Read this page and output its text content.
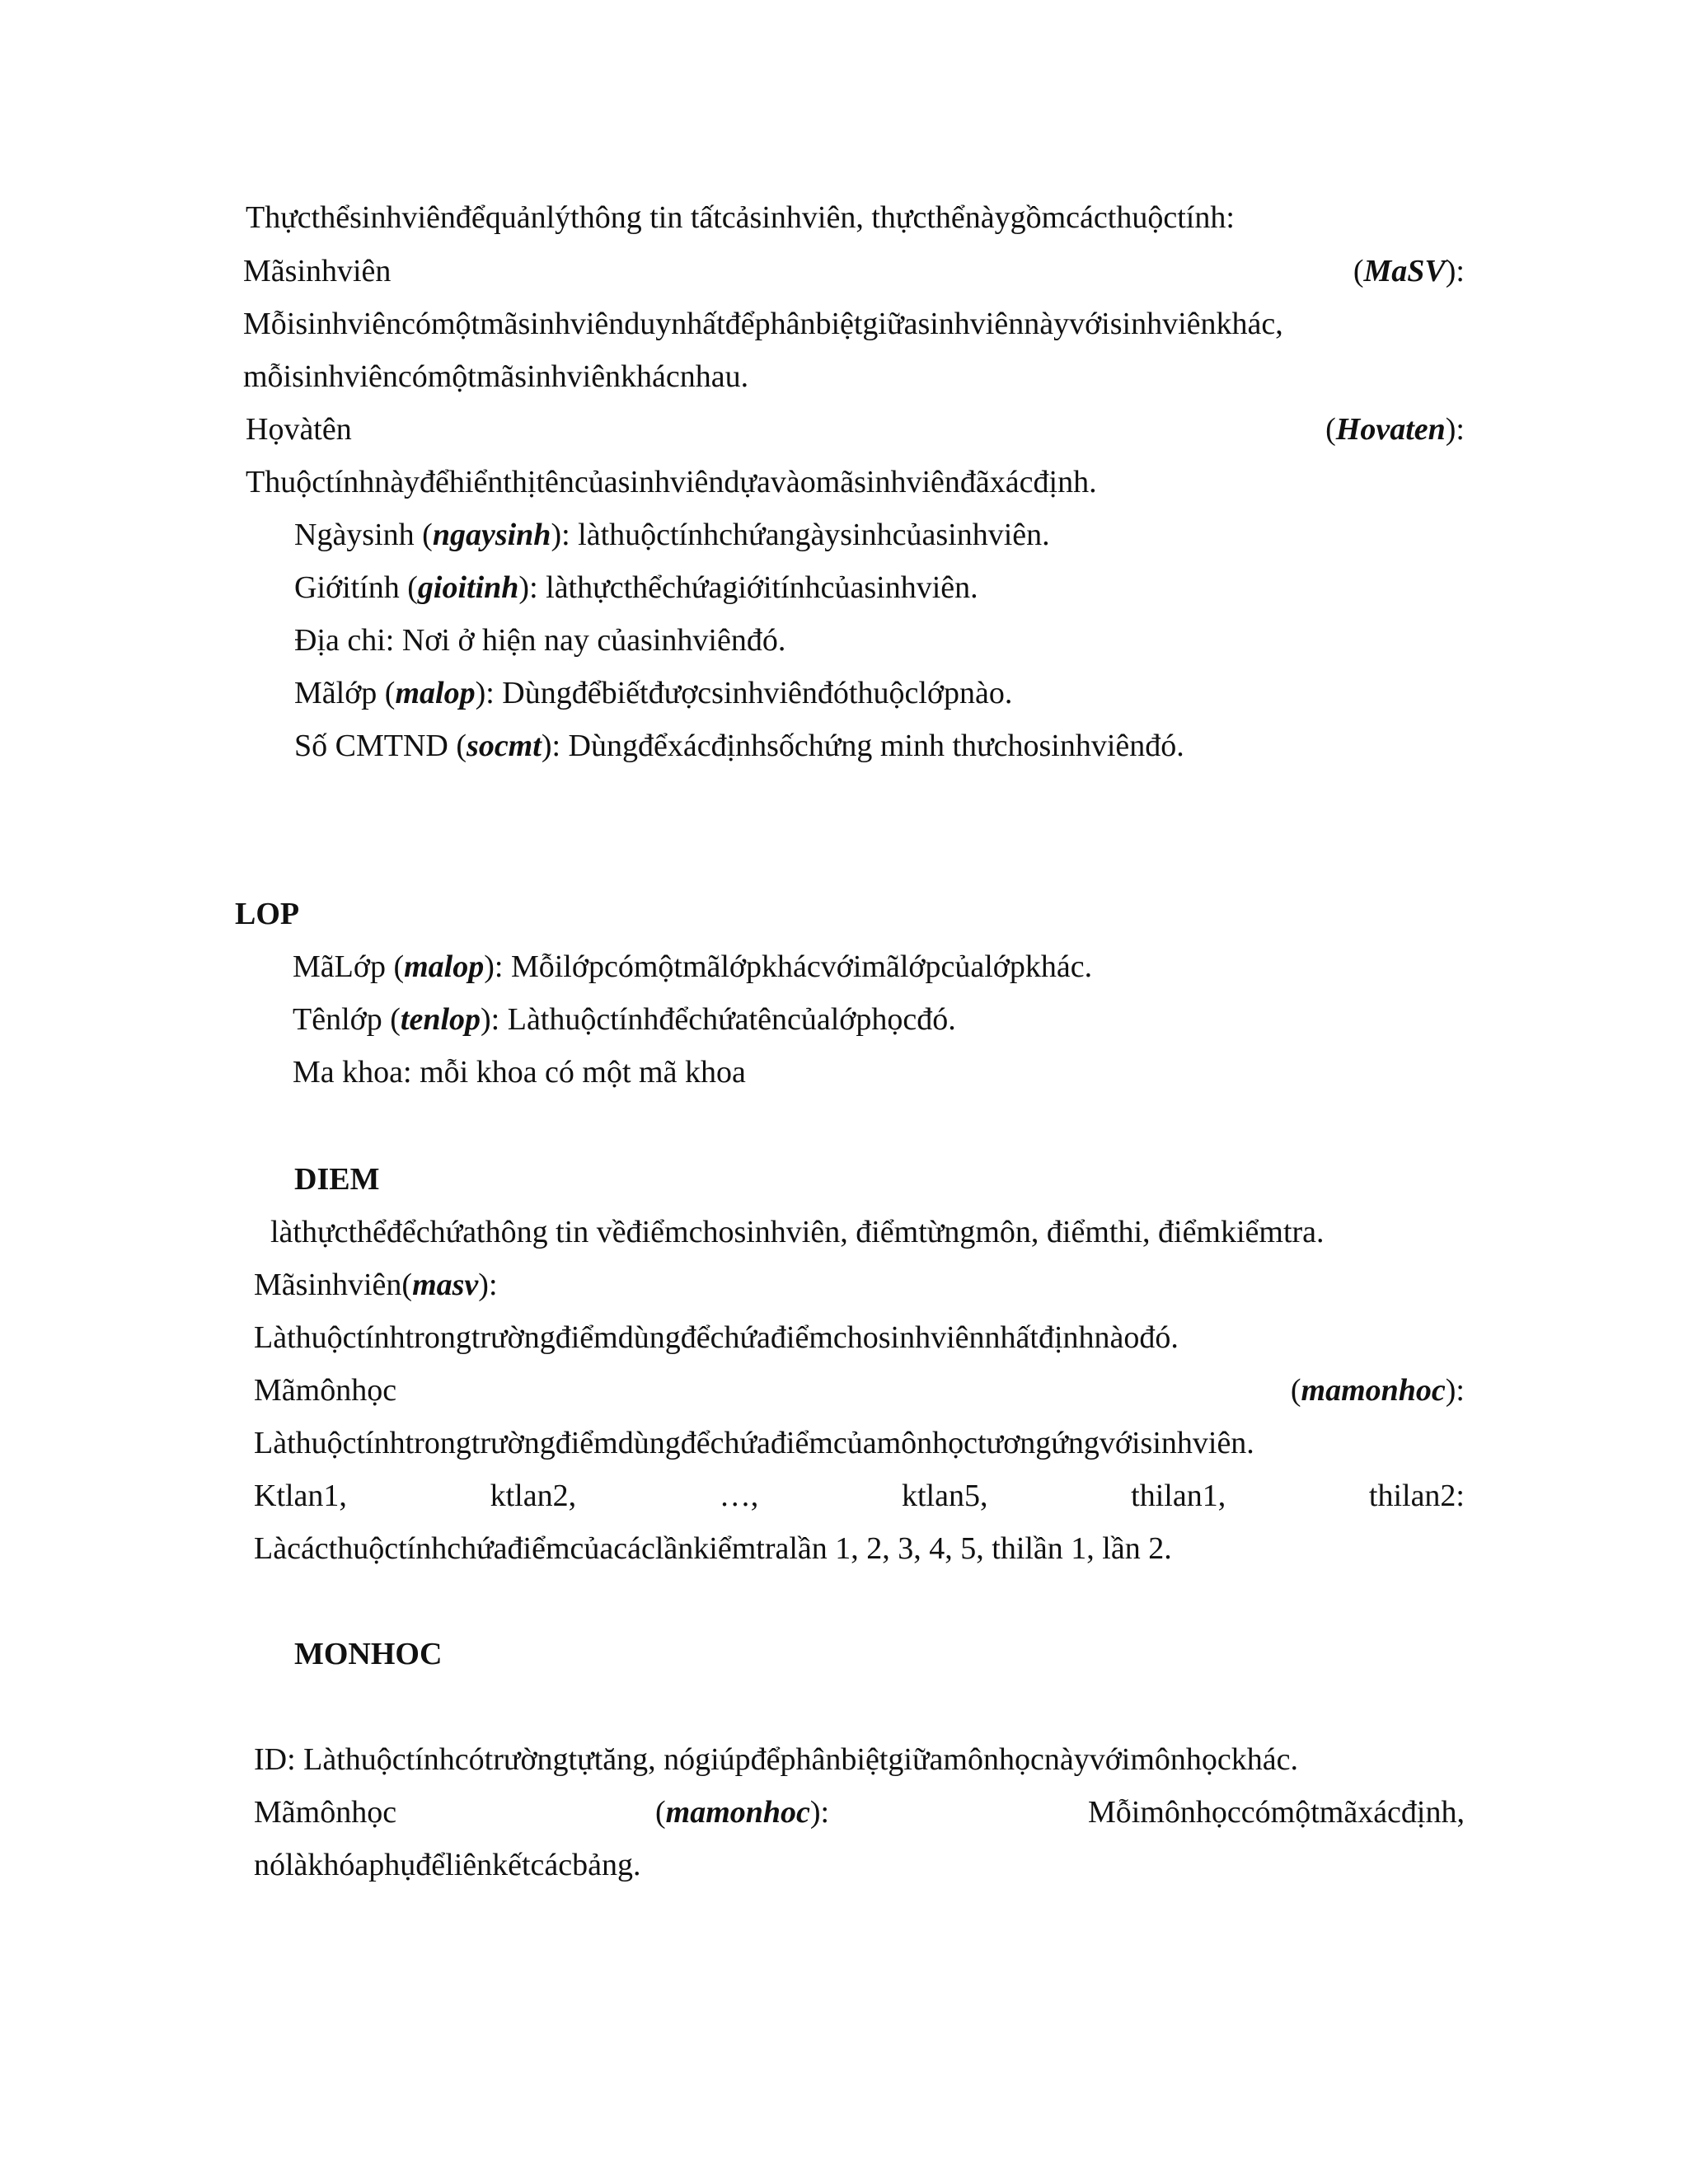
Thựcthểsinhviênđểquảnlýthông tin tấtcảsinhviên, thựcthểnàygồmcácthuộctính:
Mãsinhviên	(MaSV):
Mỗisinhviêncómộtmãsinhviênduynhấtđểphânbiệtgiữasinhviênnàyvớisinhviênkhác,
mỗisinhviêncómộtmãsinhviênkhácnhau.
Họvàtên	(Hovaten):
Thuộctínhnàyđểhiểnthịtêncủasinhviêndựavàomãsinhviênđãxácđịnh.
Ngàysinh (ngaysinh): làthuộctínhchứangàysinhcủasinhviên.
Giớitính (gioitinh): làthựcthểchứagiớitínhcủasinhviên.
Địa chi: Nơi ở hiện nay củasinhviênđó.
Mãlớp (malop): Dùngđểbiếtđượcsinhviênđóthuộclớpnào.
Số CMTND (socmt): Dùngđểxácđịnhsốchứng minh thưchosinhviênđó.
LOP
MãLớp (malop): Mỗilớpcómộtmãlớpkhácvớimãlớpcủalớpkhác.
Tênlớp (tenlop): Làthuộctínhđểchứatêncủalớphọcđó.
Ma khoa: mỗi khoa có một mã khoa
DIEM
làthựcthểđểchứathông tin vềđiểmchosinhviên, điểmtừngmôn, điểmthi, điểmkiểmtra.
Mãsinhviên(masv):
Làthuộctínhtrongtrườngđiểmdùngđểchứađiểmchosinhviênnhấtđịnhnàođó.
Mãmônhọc	(mamonhoc):
Làthuộctínhtrongtrườngđiểmdùngđểchứađiểmcủamônhọctươngứngvớisinhviên.
Ktlan1,	ktlan2,	…,	ktlan5,	thilan1,	thilan2:
Làcácthuộctínhchứađiểmcủacáclầnkiểmtralần 1, 2, 3, 4, 5, thilần 1, lần 2.
MONHOC
ID: Làthuộctínhcótrườngtựtăng, nógiúpđểphânbiệtgiữamônhọcnàyvớimônhọckhác.
Mãmônhọc	(mamonhoc):	Mỗimônhọccómộtmãxácđịnh,
nólàkhóaphụđểliênkếtcácbảng.
